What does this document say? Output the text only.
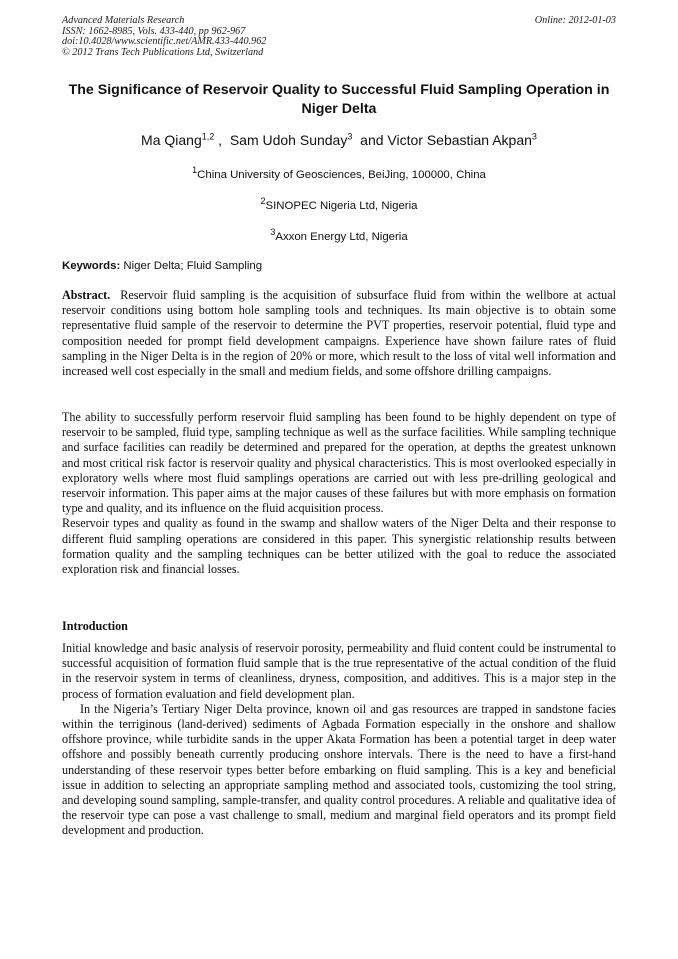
Advanced Materials Research
ISSN: 1662-8985, Vols. 433-440, pp 962-967
doi:10.4028/www.scientific.net/AMR.433-440.962
© 2012 Trans Tech Publications Ltd, Switzerland
Online: 2012-01-03
The Significance of Reservoir Quality to Successful Fluid Sampling Operation in Niger Delta
Ma Qiang$^{1,2}$ ,  Sam Udoh Sunday$^3$  and Victor Sebastian Akpan$^3$
$^1$China University of Geosciences, BeiJing, 100000, China
$^2$SINOPEC Nigeria Ltd, Nigeria
$^3$Axxon Energy Ltd, Nigeria
Keywords: Niger Delta; Fluid Sampling

Abstract. Reservoir fluid sampling is the acquisition of subsurface fluid from within the wellbore at actual reservoir conditions using bottom hole sampling tools and techniques. Its main objective is to obtain some representative fluid sample of the reservoir to determine the PVT properties, reservoir potential, fluid type and composition needed for prompt field development campaigns. Experience have shown failure rates of fluid sampling in the Niger Delta is in the region of 20% or more, which result to the loss of vital well information and increased well cost especially in the small and medium fields, and some offshore drilling campaigns.

The ability to successfully perform reservoir fluid sampling has been found to be highly dependent on type of reservoir to be sampled, fluid type, sampling technique as well as the surface facilities. While sampling technique and surface facilities can readily be determined and prepared for the operation, at depths the greatest unknown and most critical risk factor is reservoir quality and physical characteristics. This is most overlooked especially in exploratory wells where most fluid samplings operations are carried out with less pre-drilling geological and reservoir information. This paper aims at the major causes of these failures but with more emphasis on formation type and quality, and its influence on the fluid acquisition process.

Reservoir types and quality as found in the swamp and shallow waters of the Niger Delta and their response to different fluid sampling operations are considered in this paper. This synergistic relationship results between formation quality and the sampling techniques can be better utilized with the goal to reduce the associated exploration risk and financial losses.

Introduction

Initial knowledge and basic analysis of reservoir porosity, permeability and fluid content could be instrumental to successful acquisition of formation fluid sample that is the true representative of the actual condition of the fluid in the reservoir system in terms of cleanliness, dryness, composition, and additives. This is a major step in the process of formation evaluation and field development plan.

In the Nigeria’s Tertiary Niger Delta province, known oil and gas resources are trapped in sandstone facies within the terriginous (land-derived) sediments of Agbada Formation especially in the onshore and shallow offshore province, while turbidite sands in the upper Akata Formation has been a potential target in deep water offshore and possibly beneath currently producing onshore intervals. There is the need to have a first-hand understanding of these reservoir types better before embarking on fluid sampling. This is a key and beneficial issue in addition to selecting an appropriate sampling method and associated tools, customizing the tool string, and developing sound sampling, sample-transfer, and quality control procedures. A reliable and qualitative idea of the reservoir type can pose a vast challenge to small, medium and marginal field operators and its prompt field development and production.
